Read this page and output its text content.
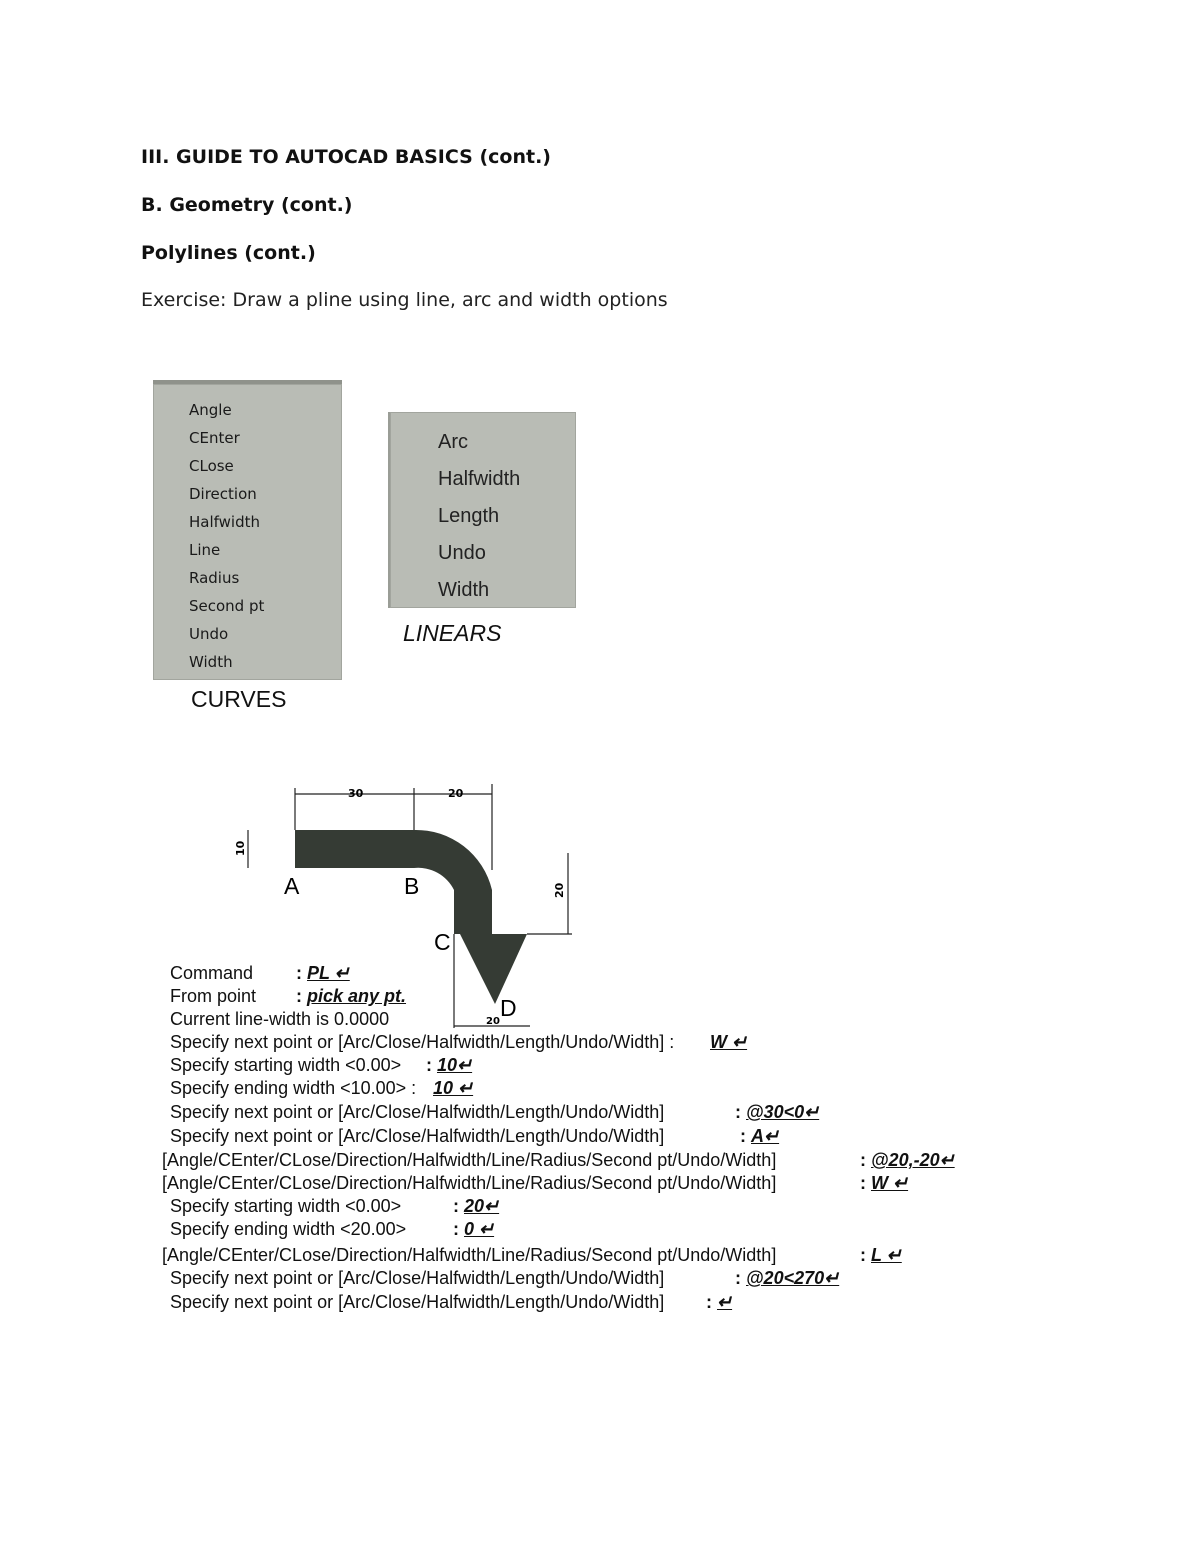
III. GUIDE TO AUTOCAD BASICS (cont.)
B. Geometry (cont.)
Polylines (cont.)

Exercise: Draw a pline using line, arc and width options

Angle
CEnter
CLose
Direction
Halfwidth
Line
Radius
Second pt
Undo
Width
CURVES
Arc
Halfwidth
Length
Undo
Width
LINEARS
30	20
10
20
20
A	B
C
D
Command : PL ↵
From point : pick any pt.
Current line-width is 0.0000
Specify next point or [Arc/Close/Halfwidth/Length/Undo/Width] : W ↵
Specify starting width <0.00> : 10↵
Specify ending width <10.00> : 10 ↵
Specify next point or [Arc/Close/Halfwidth/Length/Undo/Width]	: @30<0↵
Specify next point or [Arc/Close/Halfwidth/Length/Undo/Width]	: A↵
[Angle/CEnter/CLose/Direction/Halfwidth/Line/Radius/Second pt/Undo/Width]	: @20,-20↵
[Angle/CEnter/CLose/Direction/Halfwidth/Line/Radius/Second pt/Undo/Width]	: W ↵
Specify starting width <0.00>	: 20↵
Specify ending width <20.00>	: 0 ↵
[Angle/CEnter/CLose/Direction/Halfwidth/Line/Radius/Second pt/Undo/Width]	: L ↵
Specify next point or [Arc/Close/Halfwidth/Length/Undo/Width]	: @20<270↵
Specify next point or [Arc/Close/Halfwidth/Length/Undo/Width] : ↵
